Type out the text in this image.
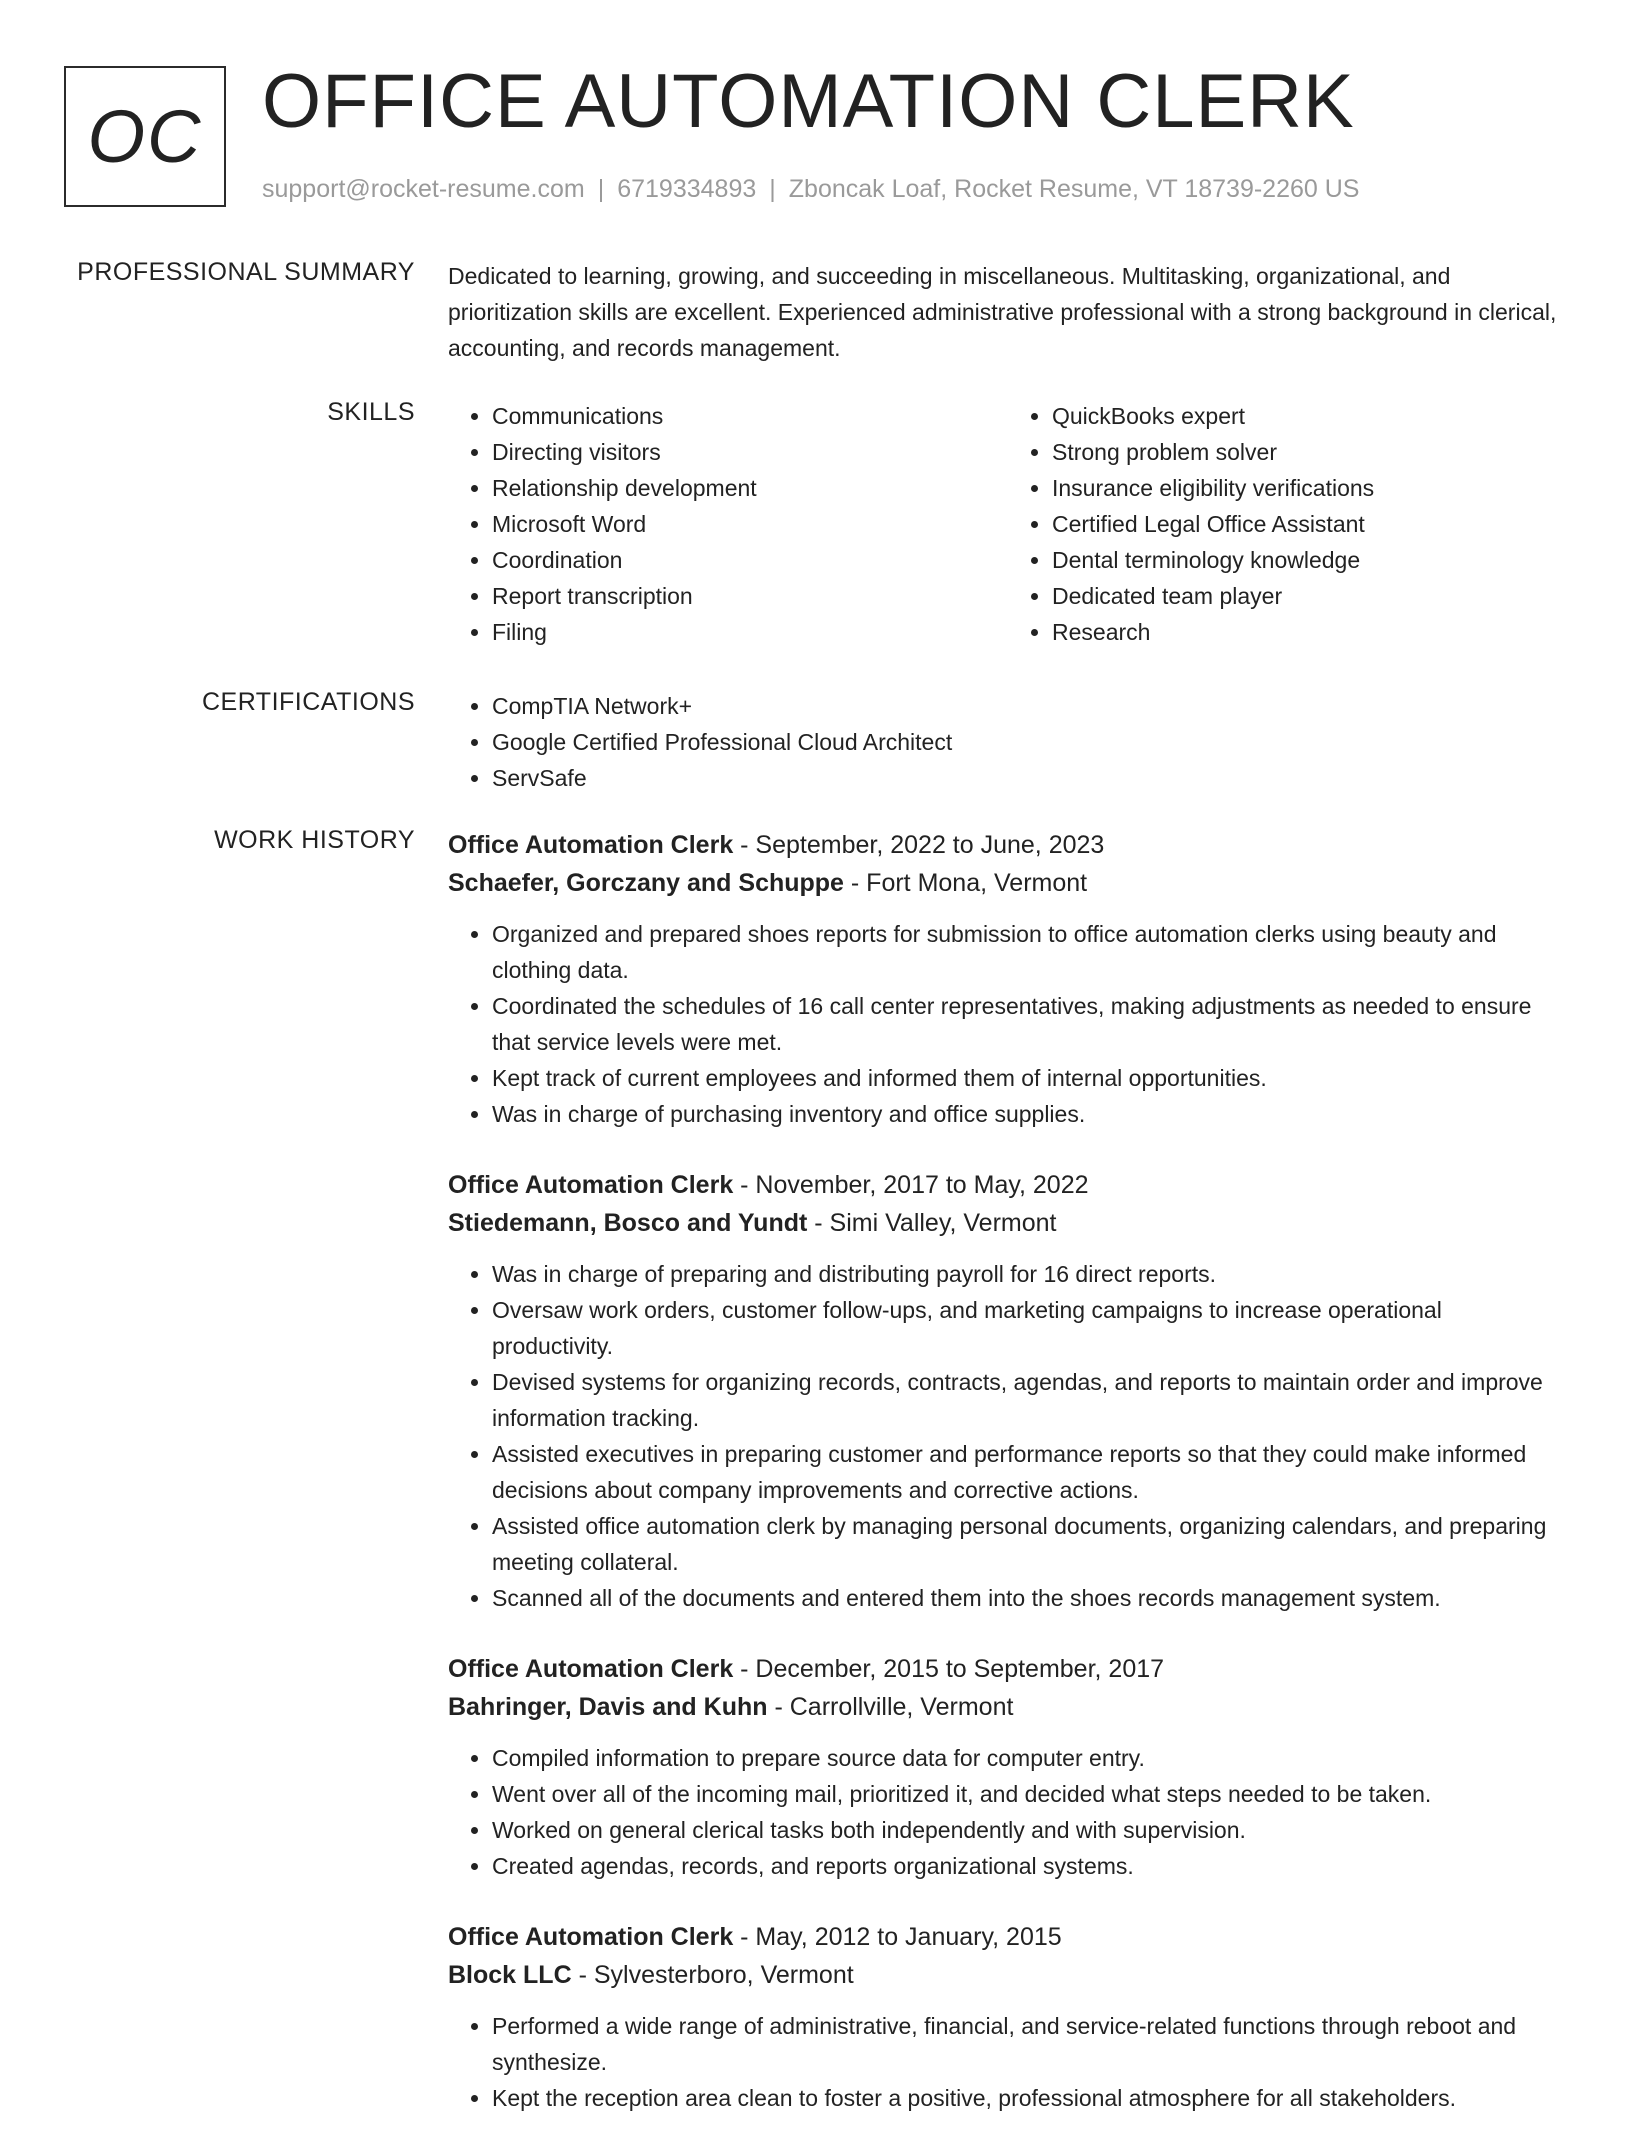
OC OFFICE AUTOMATION CLERK
support@rocket-resume.com | 6719334893 | Zboncak Loaf, Rocket Resume, VT 18739-2260 US
PROFESSIONAL SUMMARY Dedicated to learning, growing, and succeeding in miscellaneous. Multitasking, organizational, and prioritization skills are excellent. Experienced administrative professional with a strong background in clerical, accounting, and records management.
SKILLS	• Communications
• Directing visitors
• Relationship development
• Microsoft Word
• Coordination
• Report transcription
• Filing
• QuickBooks expert
• Strong problem solver
• Insurance eligibility verifications
• Certified Legal Office Assistant
• Dental terminology knowledge
• Dedicated team player
• Research
CERTIFICATIONS	• CompTIA Network+
• Google Certified Professional Cloud Architect
• ServSafe
WORK HISTORY Office Automation Clerk - September, 2022 to June, 2023
Schaefer, Gorczany and Schuppe - Fort Mona, Vermont
• Organized and prepared shoes reports for submission to office automation clerks using beauty and clothing data.
• Coordinated the schedules of 16 call center representatives, making adjustments as needed to ensure that service levels were met.
• Kept track of current employees and informed them of internal opportunities.
• Was in charge of purchasing inventory and office supplies.
Office Automation Clerk - November, 2017 to May, 2022
Stiedemann, Bosco and Yundt - Simi Valley, Vermont
• Was in charge of preparing and distributing payroll for 16 direct reports.
• Oversaw work orders, customer follow-ups, and marketing campaigns to increase operational productivity.
• Devised systems for organizing records, contracts, agendas, and reports to maintain order and improve information tracking.
• Assisted executives in preparing customer and performance reports so that they could make informed decisions about company improvements and corrective actions.
• Assisted office automation clerk by managing personal documents, organizing calendars, and preparing meeting collateral.
• Scanned all of the documents and entered them into the shoes records management system.
Office Automation Clerk - December, 2015 to September, 2017
Bahringer, Davis and Kuhn - Carrollville, Vermont
• Compiled information to prepare source data for computer entry.
• Went over all of the incoming mail, prioritized it, and decided what steps needed to be taken.
• Worked on general clerical tasks both independently and with supervision.
• Created agendas, records, and reports organizational systems.
Office Automation Clerk - May, 2012 to January, 2015
Block LLC - Sylvesterboro, Vermont
• Performed a wide range of administrative, financial, and service-related functions through reboot and synthesize.
• Kept the reception area clean to foster a positive, professional atmosphere for all stakeholders.
